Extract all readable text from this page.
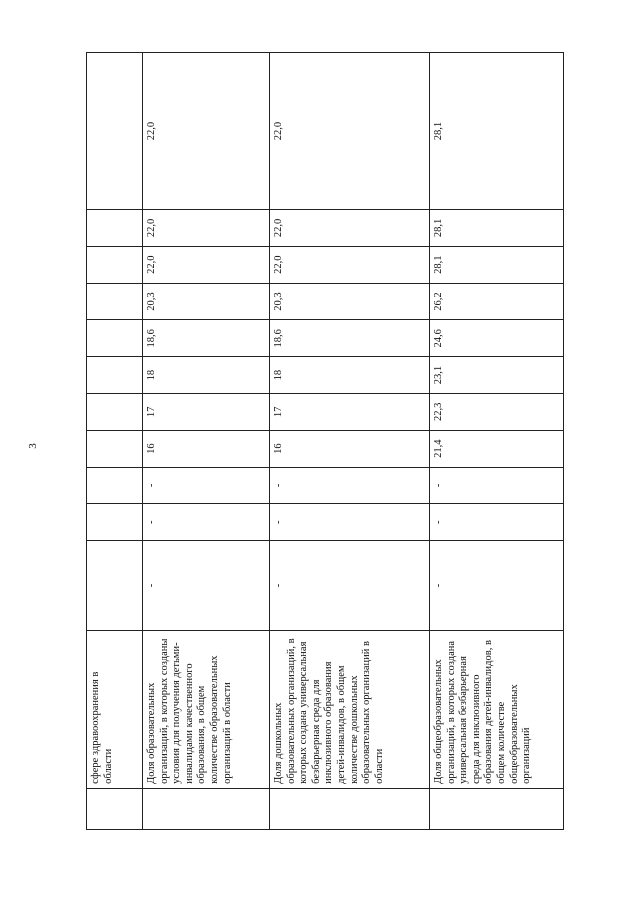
3
	сфере здравоохранения в области											
	Доля образовательных организаций, в которых созданы условия для получения детьми-инвалидами качественного образования, в общем количестве образовательных организаций в области	-	-	-	16	17	18	18,6	20,3	22,0	22,0	22,0
	Доля дошкольных образовательных организаций, в которых создана универсальная безбарьерная среда для инклюзивного образования детей-инвалидов, в общем количестве дошкольных образовательных организаций в области	-	-	-	16	17	18	18,6	20,3	22,0	22,0	22,0
	Доля общеобразовательных организаций, в которых создана универсальная безбарьерная среда для инклюзивного образования детей-инвалидов, в общем количестве общеобразовательных организаций	-	-	-	21,4	22,3	23,1	24,6	26,2	28,1	28,1	28,1
